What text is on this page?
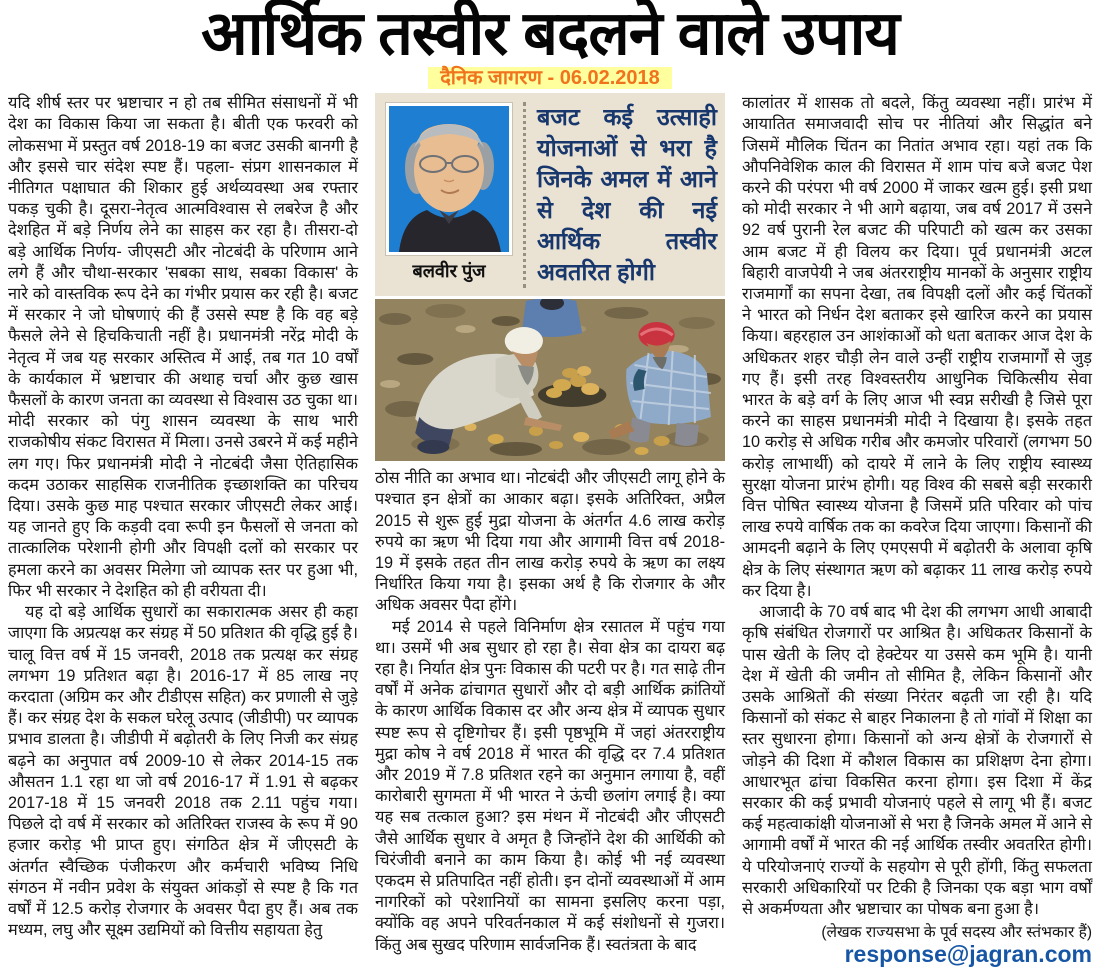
आर्थिक तस्वीर बदलने वाले उपाय
दैनिक जागरण - 06.02.2018

यदि शीर्ष स्तर पर भ्रष्टाचार न हो तब सीमित संसाधनों में भी देश का विकास किया जा सकता है। बीती एक फरवरी को लोकसभा में प्रस्तुत वर्ष 2018-19 का बजट उसकी बानगी है और इससे चार संदेश स्पष्ट हैं। पहला- संप्रग शासनकाल में नीतिगत पक्षाघात की शिकार हुई अर्थव्यवस्था अब रफ्तार पकड़ चुकी है। दूसरा-नेतृत्व आत्मविश्वास से लबरेज है और देशहित में बड़े निर्णय लेने का साहस कर रहा है। तीसरा-दो बड़े आर्थिक निर्णय- जीएसटी और नोटबंदी के परिणाम आने लगे हैं और चौथा-सरकार 'सबका साथ, सबका विकास' के नारे को वास्तविक रूप देने का गंभीर प्रयास कर रही है। बजट में सरकार ने जो घोषणाएं की हैं उससे स्पष्ट है कि वह बड़े फैसले लेने से हिचकिचाती नहीं है। प्रधानमंत्री नरेंद्र मोदी के नेतृत्व में जब यह सरकार अस्तित्व में आई, तब गत 10 वर्षों के कार्यकाल में भ्रष्टाचार की अथाह चर्चा और कुछ खास फैसलों के कारण जनता का व्यवस्था से विश्वास उठ चुका था। मोदी सरकार को पंगु शासन व्यवस्था के साथ भारी राजकोषीय संकट विरासत में मिला। उनसे उबरने में कई महीने लग गए। फिर प्रधानमंत्री मोदी ने नोटबंदी जैसा ऐतिहासिक कदम उठाकर साहसिक राजनीतिक इच्छाशक्ति का परिचय दिया। उसके कुछ माह पश्चात सरकार जीएसटी लेकर आई। यह जानते हुए कि कड़वी दवा रूपी इन फैसलों से जनता को तात्कालिक परेशानी होगी और विपक्षी दलों को सरकार पर हमला करने का अवसर मिलेगा जो व्यापक स्तर पर हुआ भी, फिर भी सरकार ने देशहित को ही वरीयता दी।

यह दो बड़े आर्थिक सुधारों का सकारात्मक असर ही कहा जाएगा कि अप्रत्यक्ष कर संग्रह में 50 प्रतिशत की वृद्धि हुई है। चालू वित्त वर्ष में 15 जनवरी, 2018 तक प्रत्यक्ष कर संग्रह लगभग 19 प्रतिशत बढ़ा है। 2016-17 में 85 लाख नए करदाता (अग्रिम कर और टीडीएस सहित) कर प्रणाली से जुड़े हैं। कर संग्रह देश के सकल घरेलू उत्पाद (जीडीपी) पर व्यापक प्रभाव डालता है। जीडीपी में बढ़ोतरी के लिए निजी कर संग्रह बढ़ने का अनुपात वर्ष 2009-10 से लेकर 2014-15 तक औसतन 1.1 रहा था जो वर्ष 2016-17 में 1.91 से बढ़कर 2017-18 में 15 जनवरी 2018 तक 2.11 पहुंच गया। पिछले दो वर्ष में सरकार को अतिरिक्त राजस्व के रूप में 90 हजार करोड़ भी प्राप्त हुए। संगठित क्षेत्र में जीएसटी के अंतर्गत स्वैच्छिक पंजीकरण और कर्मचारी भविष्य निधि संगठन में नवीन प्रवेश के संयुक्त आंकड़ों से स्पष्ट है कि गत वर्षों में 12.5 करोड़ रोजगार के अवसर पैदा हुए हैं। अब तक मध्यम, लघु और सूक्ष्म उद्यमियों को वित्तीय सहायता हेतु

बलवीर पुंज
बजट कई उत्साही योजनाओं से भरा है जिनके अमल में आने से देश की नई आर्थिक तस्वीर अवतरित होगी

ठोस नीति का अभाव था। नोटबंदी और जीएसटी लागू होने के पश्चात इन क्षेत्रों का आकार बढ़ा। इसके अतिरिक्त, अप्रैल 2015 से शुरू हुई मुद्रा योजना के अंतर्गत 4.6 लाख करोड़ रुपये का ऋण भी दिया गया और आगामी वित्त वर्ष 2018-19 में इसके तहत तीन लाख करोड़ रुपये के ऋण का लक्ष्य निर्धारित किया गया है। इसका अर्थ है कि रोजगार के और अधिक अवसर पैदा होंगे।

मई 2014 से पहले विनिर्माण क्षेत्र रसातल में पहुंच गया था। उसमें भी अब सुधार हो रहा है। सेवा क्षेत्र का दायरा बढ़ रहा है। निर्यात क्षेत्र पुनः विकास की पटरी पर है। गत साढ़े तीन वर्षों में अनेक ढांचागत सुधारों और दो बड़ी आर्थिक क्रांतियों के कारण आर्थिक विकास दर और अन्य क्षेत्र में व्यापक सुधार स्पष्ट रूप से दृष्टिगोचर हैं। इसी पृष्ठभूमि में जहां अंतरराष्ट्रीय मुद्रा कोष ने वर्ष 2018 में भारत की वृद्धि दर 7.4 प्रतिशत और 2019 में 7.8 प्रतिशत रहने का अनुमान लगाया है, वहीं कारोबारी सुगमता में भी भारत ने ऊंची छलांग लगाई है। क्या यह सब तत्काल हुआ? इस मंथन में नोटबंदी और जीएसटी जैसे आर्थिक सुधार वे अमृत है जिन्होंने देश की आर्थिकी को चिरंजीवी बनाने का काम किया है। कोई भी नई व्यवस्था एकदम से प्रतिपादित नहीं होती। इन दोनों व्यवस्थाओं में आम नागरिकों को परेशानियों का सामना इसलिए करना पड़ा, क्योंकि वह अपने परिवर्तनकाल में कई संशोधनों से गुजरा। किंतु अब सुखद परिणाम सार्वजनिक हैं। स्वतंत्रता के बाद

कालांतर में शासक तो बदले, किंतु व्यवस्था नहीं। प्रारंभ में आयातित समाजवादी सोच पर नीतियां और सिद्धांत बने जिसमें मौलिक चिंतन का नितांत अभाव रहा। यहां तक कि औपनिवेशिक काल की विरासत में शाम पांच बजे बजट पेश करने की परंपरा भी वर्ष 2000 में जाकर खत्म हुई। इसी प्रथा को मोदी सरकार ने भी आगे बढ़ाया, जब वर्ष 2017 में उसने 92 वर्ष पुरानी रेल बजट की परिपाटी को खत्म कर उसका आम बजट में ही विलय कर दिया। पूर्व प्रधानमंत्री अटल बिहारी वाजपेयी ने जब अंतरराष्ट्रीय मानकों के अनुसार राष्ट्रीय राजमार्गों का सपना देखा, तब विपक्षी दलों और कई चिंतकों ने भारत को निर्धन देश बताकर इसे खारिज करने का प्रयास किया। बहरहाल उन आशंकाओं को धता बताकर आज देश के अधिकतर शहर चौड़ी लेन वाले उन्हीं राष्ट्रीय राजमार्गों से जुड़ गए हैं। इसी तरह विश्वस्तरीय आधुनिक चिकित्सीय सेवा भारत के बड़े वर्ग के लिए आज भी स्वप्न सरीखी है जिसे पूरा करने का साहस प्रधानमंत्री मोदी ने दिखाया है। इसके तहत 10 करोड़ से अधिक गरीब और कमजोर परिवारों (लगभग 50 करोड़ लाभार्थी) को दायरे में लाने के लिए राष्ट्रीय स्वास्थ्य सुरक्षा योजना प्रारंभ होगी। यह विश्व की सबसे बड़ी सरकारी वित्त पोषित स्वास्थ्य योजना है जिसमें प्रति परिवार को पांच लाख रुपये वार्षिक तक का कवरेज दिया जाएगा। किसानों की आमदनी बढ़ाने के लिए एमएसपी में बढ़ोतरी के अलावा कृषि क्षेत्र के लिए संस्थागत ऋण को बढ़ाकर 11 लाख करोड़ रुपये कर दिया है।

आजादी के 70 वर्ष बाद भी देश की लगभग आधी आबादी कृषि संबंधित रोजगारों पर आश्रित है। अधिकतर किसानों के पास खेती के लिए दो हेक्टेयर या उससे कम भूमि है। यानी देश में खेती की जमीन तो सीमित है, लेकिन किसानों और उसके आश्रितों की संख्या निरंतर बढ़ती जा रही है। यदि किसानों को संकट से बाहर निकालना है तो गांवों में शिक्षा का स्तर सुधारना होगा। किसानों को अन्य क्षेत्रों के रोजगारों से जोड़ने की दिशा में कौशल विकास का प्रशिक्षण देना होगा। आधारभूत ढांचा विकसित करना होगा। इस दिशा में केंद्र सरकार की कई प्रभावी योजनाएं पहले से लागू भी हैं। बजट कई महत्वाकांक्षी योजनाओं से भरा है जिनके अमल में आने से आगामी वर्षों में भारत की नई आर्थिक तस्वीर अवतरित होगी। ये परियोजनाएं राज्यों के सहयोग से पूरी होंगी, किंतु सफलता सरकारी अधिकारियों पर टिकी है जिनका एक बड़ा भाग वर्षों से अकर्मण्यता और भ्रष्टाचार का पोषक बना हुआ है।

(लेखक राज्यसभा के पूर्व सदस्य और स्तंभकार हैं)
response@jagran.com
